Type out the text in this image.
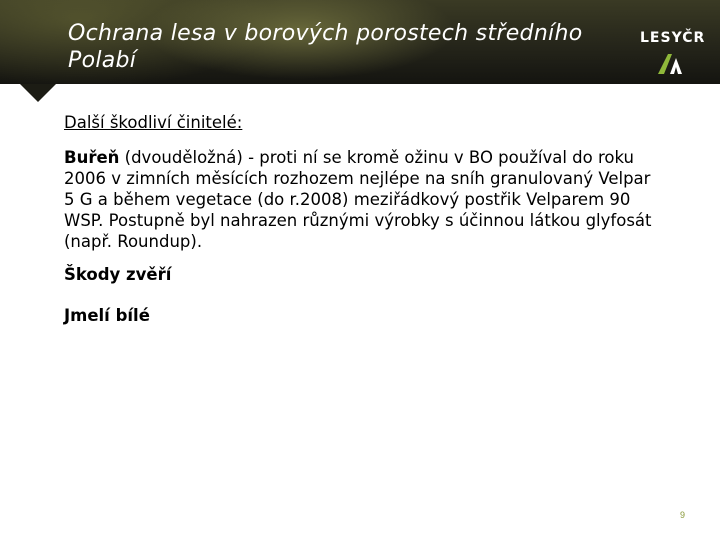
Ochrana lesa v borových porostech středního Polabí
LESYČR

Další škodliví činitelé:

Buřeň (dvouděložná) - proti ní se kromě ožinu v BO používal do roku 2006 v zimních měsících rozhozem nejlépe na sníh granulovaný Velpar 5 G a během vegetace (do r.2008) meziřádkový postřik Velparem 90 WSP. Postupně byl nahrazen různými výrobky s účinnou látkou glyfosát (např. Roundup).

Škody zvěří

Jmelí bílé

9
